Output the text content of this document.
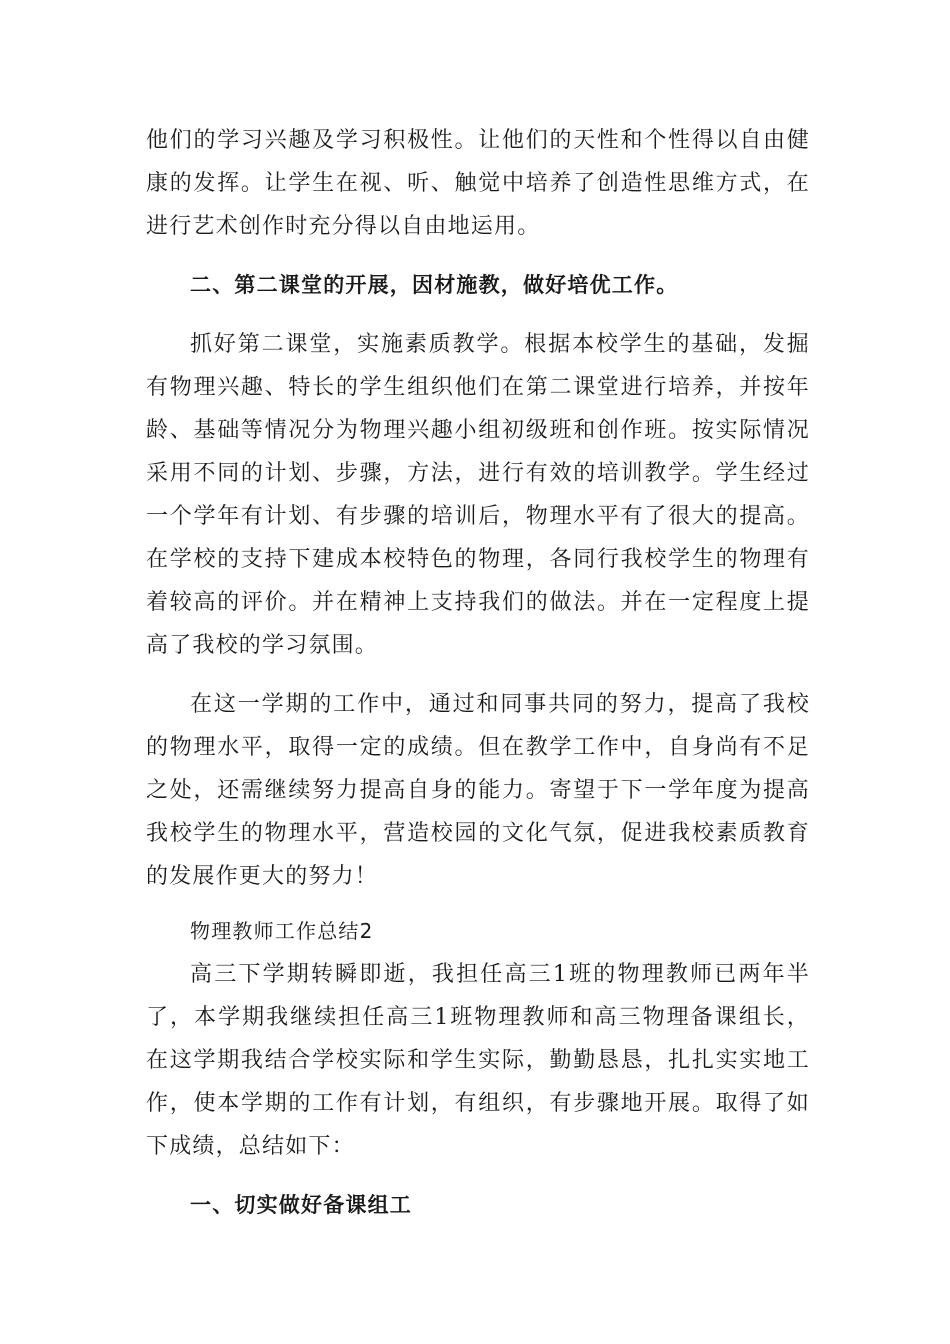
他们的学习兴趣及学习积极性。让他们的天性和个性得以自由健康的发挥。让学生在视、听、触觉中培养了创造性思维方式，在进行艺术创作时充分得以自由地运用。

二、第二课堂的开展，因材施教，做好培优工作。

抓好第二课堂，实施素质教学。根据本校学生的基础，发掘有物理兴趣、特长的学生组织他们在第二课堂进行培养，并按年龄、基础等情况分为物理兴趣小组初级班和创作班。按实际情况采用不同的计划、步骤，方法，进行有效的培训教学。学生经过一个学年有计划、有步骤的培训后，物理水平有了很大的提高。在学校的支持下建成本校特色的物理，各同行我校学生的物理有着较高的评价。并在精神上支持我们的做法。并在一定程度上提高了我校的学习氛围。

在这一学期的工作中，通过和同事共同的努力，提高了我校的物理水平，取得一定的成绩。但在教学工作中，自身尚有不足之处，还需继续努力提高自身的能力。寄望于下一学年度为提高我校学生的物理水平，营造校园的文化气氛，促进我校素质教育的发展作更大的努力！

物理教师工作总结2

高三下学期转瞬即逝，我担任高三1班的物理教师已两年半了，本学期我继续担任高三1班物理教师和高三物理备课组长，在这学期我结合学校实际和学生实际，勤勤恳恳，扎扎实实地工作，使本学期的工作有计划，有组织，有步骤地开展。取得了如下成绩，总结如下：

一、切实做好备课组工
